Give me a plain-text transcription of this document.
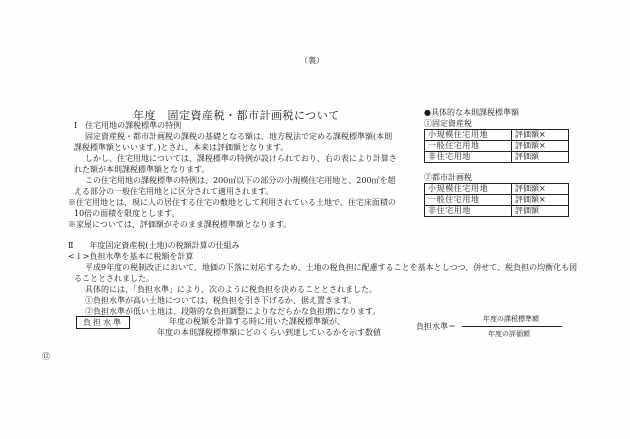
（裏）
年度　固定資産税・都市計画税について
Ⅰ　住宅用地の課税標準の特例
固定資産税・都市計画税の課税の基礎となる額は、地方税法で定める課税標準額(本則
課税標準額といいます。)とされ、本来は評価額となります。
しかし、住宅用地については、課税標準の特例が設けられており、右の表により計算さ
れた額が本則課税標準額となります。
この住宅用地の課税標準の特例は、200㎡以下の部分の小規模住宅用地と、200㎡を超
える部分の一般住宅用地とに区分されて適用されます。
※住宅用地とは、現に人の居住する住宅の敷地として利用されている土地で、住宅床面積の
10倍の面積を限度とします。
※家屋については、評価額がそのまま課税標準額となります。
Ⅱ　　年度固定資産税(土地)の税額計算の仕組み
<１>負担水準を基本に税額を計算
平成9年度の税制改正において、地価の下落に対応するため、土地の税負担に配慮することを基本としつつ、併せて、税負担の均衡化も図
ることとされました。
具体的には、「負担水準」により、次のように税負担を決めることとされました。
①負担水準が高い土地については、税負担を引き下げるか、据え置きます。
②負担水準が低い土地は、段階的な負担調整によりなだらかな負担増になります。
負担水準	年度の税額を計算する時に用いた課税標準額が、
年度の本則課税標準額にどのくらい到達しているかを示す数値
負担水準＝
年度の課税標準額
年度の評価額
●具体的な本則課税標準額
①固定資産税
小規模住宅用地	評価額×
一般住宅用地	評価額×
非住宅用地	評価額
②都市計画税
小規模住宅用地	評価額×
一般住宅用地	評価額×
非住宅用地	評価額
⑫
